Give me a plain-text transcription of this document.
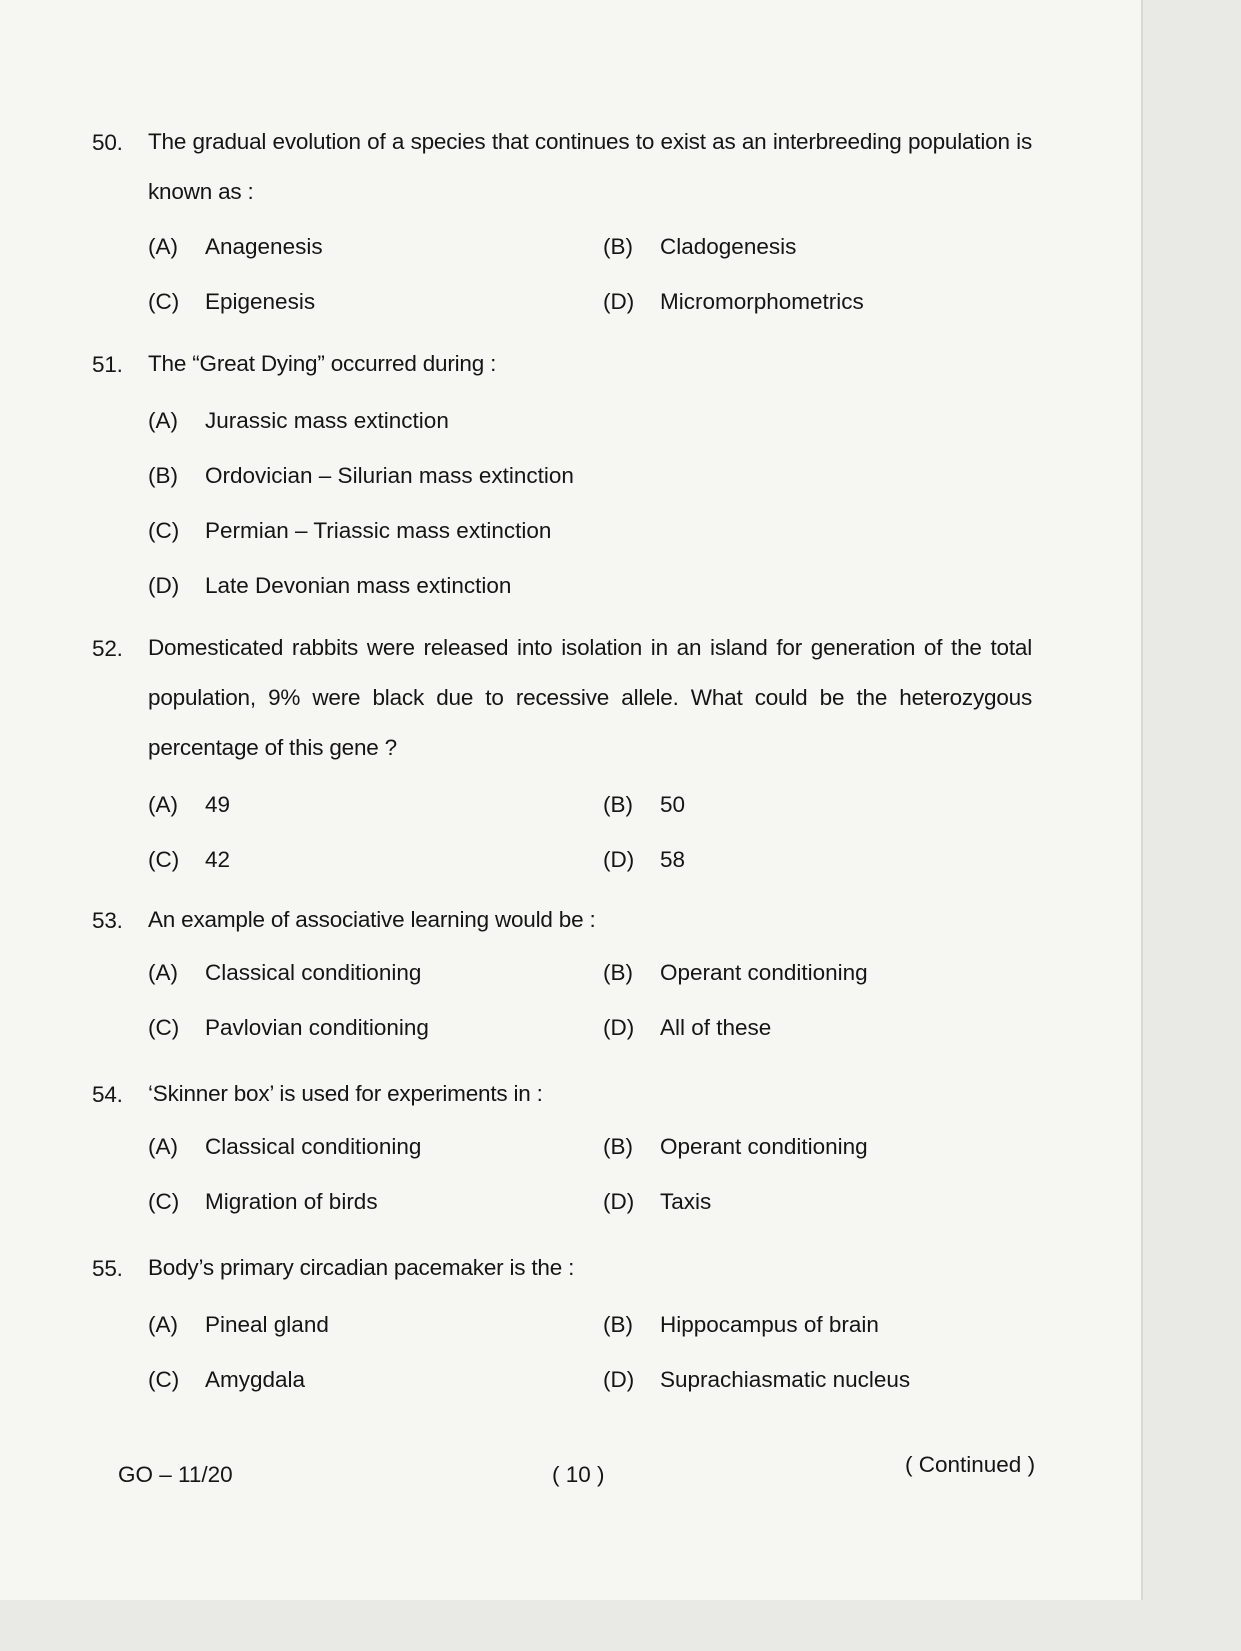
50.	The gradual evolution of a species that continues to exist as an interbreeding population is known as :
(A)	Anagenesis	(B)	Cladogenesis
(C)	Epigenesis	(D)	Micromorphometrics
51.	The “Great Dying” occurred during :
(A)	Jurassic mass extinction
(B)	Ordovician – Silurian mass extinction
(C)	Permian – Triassic mass extinction
(D)	Late Devonian mass extinction
52.	Domesticated rabbits were released into isolation in an island for generation of the total population, 9% were black due to recessive allele. What could be the heterozygous percentage of this gene ?
(A)	49	(B)	50
(C)	42	(D)	58
53.	An example of associative learning would be :
(A)	Classical conditioning	(B)	Operant conditioning
(C)	Pavlovian conditioning	(D)	All of these
54.	‘Skinner box’ is used for experiments in :
(A)	Classical conditioning	(B)	Operant conditioning
(C)	Migration of birds	(D)	Taxis
55.	Body’s primary circadian pacemaker is the :
(A)	Pineal gland	(B)	Hippocampus of brain
(C)	Amygdala	(D)	Suprachiasmatic nucleus
GO – 11/20	( 10 )	( Continued )
